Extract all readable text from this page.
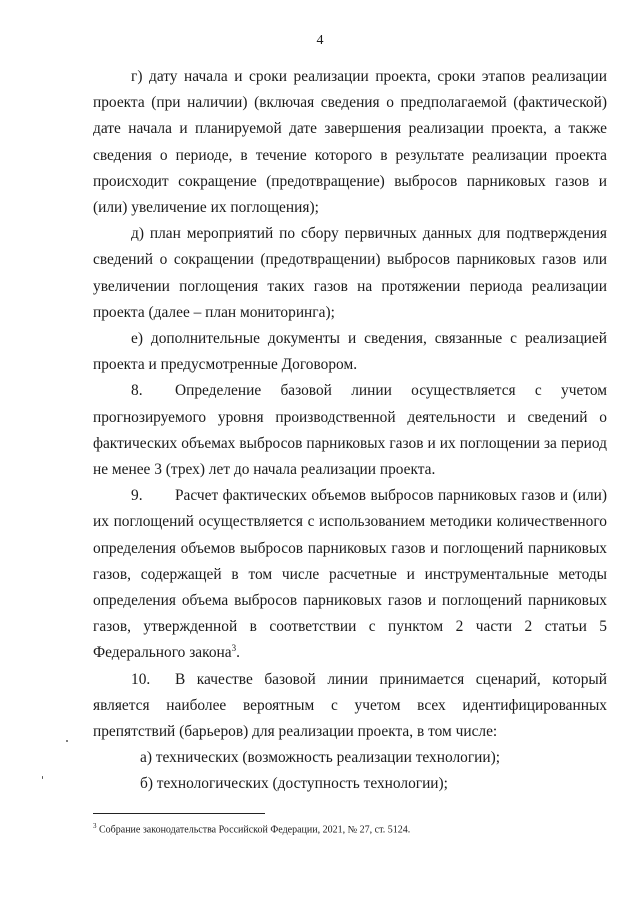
4

г) дату начала и сроки реализации проекта, сроки этапов реализации проекта (при наличии) (включая сведения о предполагаемой (фактической) дате начала и планируемой дате завершения реализации проекта, а также сведения о периоде, в течение которого в результате реализации проекта происходит сокращение (предотвращение) выбросов парниковых газов и (или) увеличение их поглощения);

д) план мероприятий по сбору первичных данных для подтверждения сведений о сокращении (предотвращении) выбросов парниковых газов или увеличении поглощения таких газов на протяжении периода реализации проекта (далее – план мониторинга);

е) дополнительные документы и сведения, связанные с реализацией проекта и предусмотренные Договором.

8. Определение базовой линии осуществляется с учетом прогнозируемого уровня производственной деятельности и сведений о фактических объемах выбросов парниковых газов и их поглощении за период не менее 3 (трех) лет до начала реализации проекта.

9. Расчет фактических объемов выбросов парниковых газов и (или) их поглощений осуществляется с использованием методики количественного определения объемов выбросов парниковых газов и поглощений парниковых газов, содержащей в том числе расчетные и инструментальные методы определения объема выбросов парниковых газов и поглощений парниковых газов, утвержденной в соответствии с пунктом 2 части 2 статьи 5 Федерального закона$^3$.

10. В качестве базовой линии принимается сценарий, который является наиболее вероятным с учетом всех идентифицированных препятствий (барьеров) для реализации проекта, в том числе:

а) технических (возможность реализации технологии);

б) технологических (доступность технологии);

$^3$ Собрание законодательства Российской Федерации, 2021, № 27, ст. 5124.
